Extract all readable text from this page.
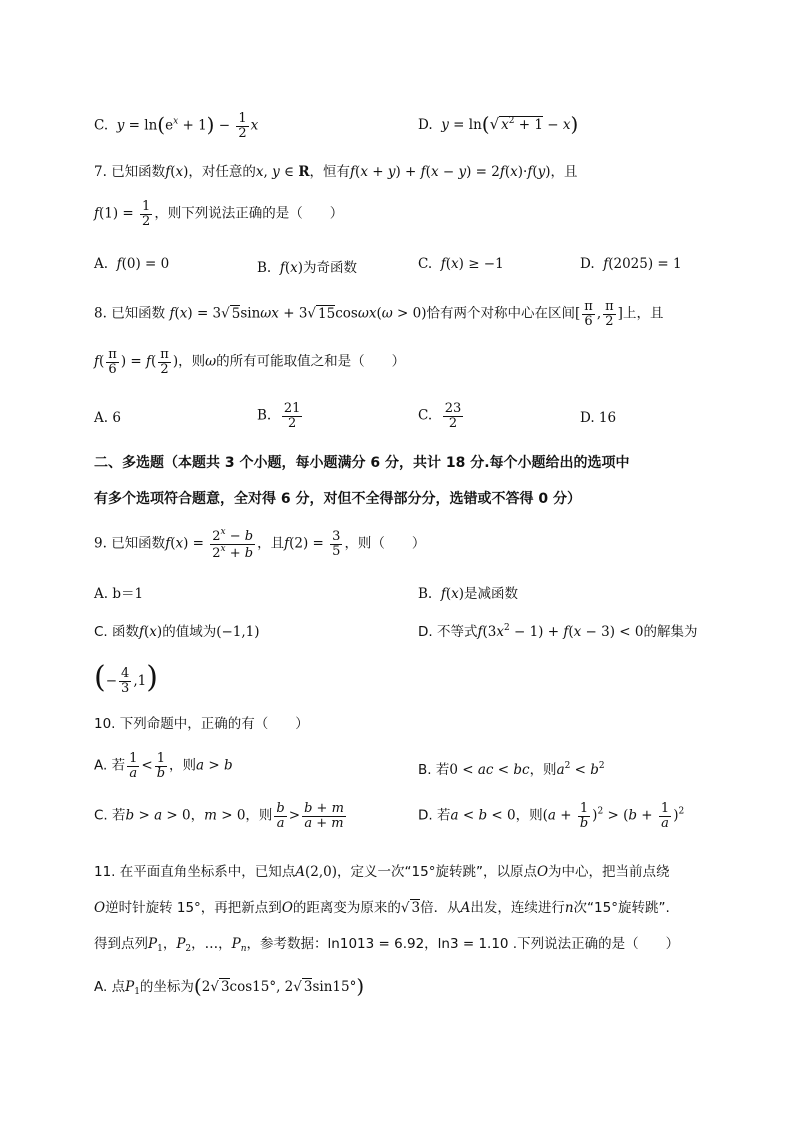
C. $y = \ln(e^x + 1) - \frac{1}{2}$ x	D. y = ln(√ $x^2 + 1 - x$)
7. 已知函数f(x)，对任意的x, y ∈ R，恒有f(x + y) + f(x − y) = 2f(x)·f(y)，且
$f(1) = \frac{1}{2}$ ，则下列说法正确的是（　　）
A. f(0) = 0	B. f(x)为奇函数	C. f(x) ≥ −1	D. f(2025) = 1
8. 已知函数 f(x) = 3√ 5sinωx + 3√ 15cosωx(ω > 0)恰有两个对称中心在区间[ $\frac{\pi}{6}$ , $\frac{\pi}{2}$ ]上，且
$f( \frac{\pi}{6}$ ) = $f( \frac{\pi}{2}$ )，则ω的所有可能取值之和是（　　）
A. 6	B. $\frac{21}{2}$	C. $\frac{23}{2}$	D. 16
二、多选题（本题共 3 个小题，每小题满分 6 分，共计 18 分.每个小题给出的选项中
有多个选项符合题意，全对得 6 分，对但不全得部分分，选错或不答得 0 分）
9. 已知函数$f(x) = \frac{2^x - b}{2^x + b}$ ，且$f(2) = \frac{3}{5}$ ，则（　　）
A. b＝1	B. f(x)是减函数
C. 函数f(x)的值域为(−1,1)	D. 不等式$f(3x^2 - 1) + f(x - 3) < 0$的解集为
(− $\frac{4}{3} ,1$)
10. 下列命题中，正确的有（　　）
A. 若 $\frac{1}{a} < \frac{1}{b}$ ，则a > b	B. 若0 < ac < bc，则$a^2 < b^2$
C. 若b > a > 0，m > 0，则 $\frac{b}{a} > \frac{b + m}{a + m}$	D. 若a < b < 0，则$(a + \frac{1}{b} )^2 > (b + \frac{1}{a} )^2$
11. 在平面直角坐标系中，已知点A(2,0)，定义一次“15°旋转跳”，以原点O为中心，把当前点绕
O逆时针旋转 15°，再把新点到O的距离变为原来的√ 3倍．从A出发，连续进行n次“15°旋转跳”.
得到点列$P_1$，$P_2$，…，$P_n$，参考数据：ln1013 = 6.92，ln3 = 1.10 .下列说法正确的是（　　）
A. 点$P_1$的坐标为(2√ 3cos15°, 2√ 3sin15°)
